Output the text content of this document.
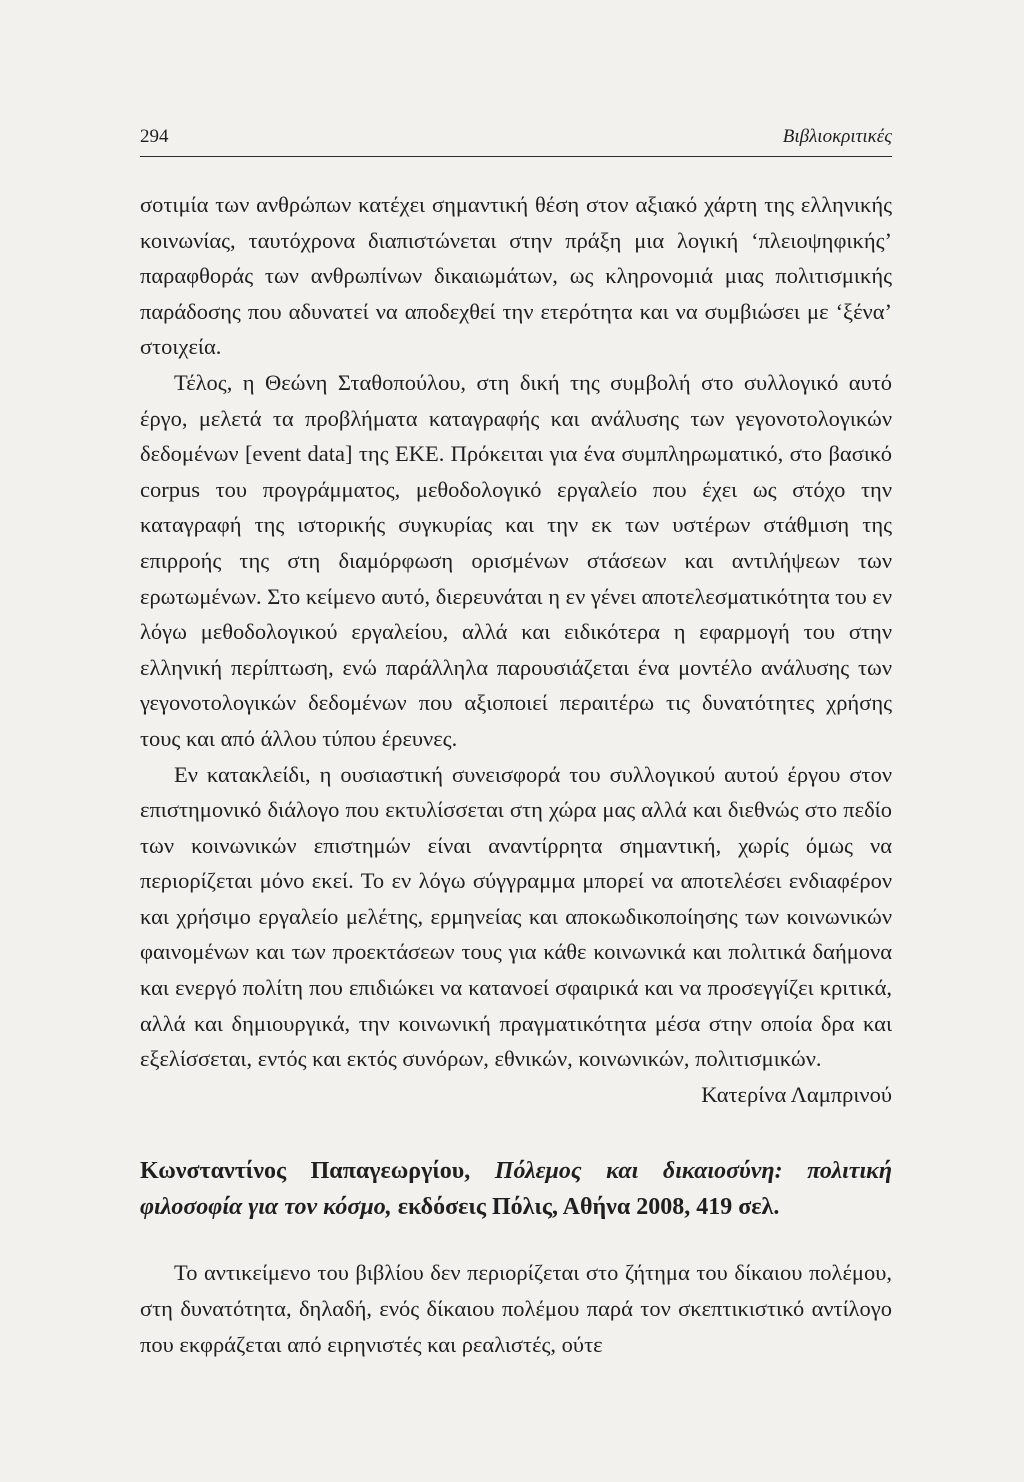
294	Βιβλιοκριτικές

σοτιμία των ανθρώπων κατέχει σημαντική θέση στον αξιακό χάρτη της ελληνικής κοινωνίας, ταυτόχρονα διαπιστώνεται στην πράξη μια λογική ‘πλειοψηφικής’ παραφθοράς των ανθρωπίνων δικαιωμάτων, ως κληρονομιά μιας πολιτισμικής παράδοσης που αδυνατεί να αποδεχθεί την ετερότητα και να συμβιώσει με ‘ξένα’ στοιχεία.

Τέλος, η Θεώνη Σταθοπούλου, στη δική της συμβολή στο συλλογικό αυτό έργο, μελετά τα προβλήματα καταγραφής και ανάλυσης των γεγονοτολογικών δεδομένων [event data] της ΕΚΕ. Πρόκειται για ένα συμπληρωματικό, στο βασικό corpus του προγράμματος, μεθοδολογικό εργαλείο που έχει ως στόχο την καταγραφή της ιστορικής συγκυρίας και την εκ των υστέρων στάθμιση της επιρροής της στη διαμόρφωση ορισμένων στάσεων και αντιλήψεων των ερωτωμένων. Στο κείμενο αυτό, διερευνάται η εν γένει αποτελεσματικότητα του εν λόγω μεθοδολογικού εργαλείου, αλλά και ειδικότερα η εφαρμογή του στην ελληνική περίπτωση, ενώ παράλληλα παρουσιάζεται ένα μοντέλο ανάλυσης των γεγονοτολογικών δεδομένων που αξιοποιεί περαιτέρω τις δυνατότητες χρήσης τους και από άλλου τύπου έρευνες.

Εν κατακλείδι, η ουσιαστική συνεισφορά του συλλογικού αυτού έργου στον επιστημονικό διάλογο που εκτυλίσσεται στη χώρα μας αλλά και διεθνώς στο πεδίο των κοινωνικών επιστημών είναι αναντίρρητα σημαντική, χωρίς όμως να περιορίζεται μόνο εκεί. Το εν λόγω σύγγραμμα μπορεί να αποτελέσει ενδιαφέρον και χρήσιμο εργαλείο μελέτης, ερμηνείας και αποκωδικοποίησης των κοινωνικών φαινομένων και των προεκτάσεων τους για κάθε κοινωνικά και πολιτικά δαήμονα και ενεργό πολίτη που επιδιώκει να κατανοεί σφαιρικά και να προσεγγίζει κριτικά, αλλά και δημιουργικά, την κοινωνική πραγματικότητα μέσα στην οποία δρα και εξελίσσεται, εντός και εκτός συνόρων, εθνικών, κοινωνικών, πολιτισμικών.

Κατερίνα Λαμπρινού

Κωνσταντίνος Παπαγεωργίου, Πόλεμος και δικαιοσύνη: πολιτική φιλοσοφία για τον κόσμο, εκδόσεις Πόλις, Αθήνα 2008, 419 σελ.

Το αντικείμενο του βιβλίου δεν περιορίζεται στο ζήτημα του δίκαιου πολέμου, στη δυνατότητα, δηλαδή, ενός δίκαιου πολέμου παρά τον σκεπτικιστικό αντίλογο που εκφράζεται από ειρηνιστές και ρεαλιστές, ούτε
